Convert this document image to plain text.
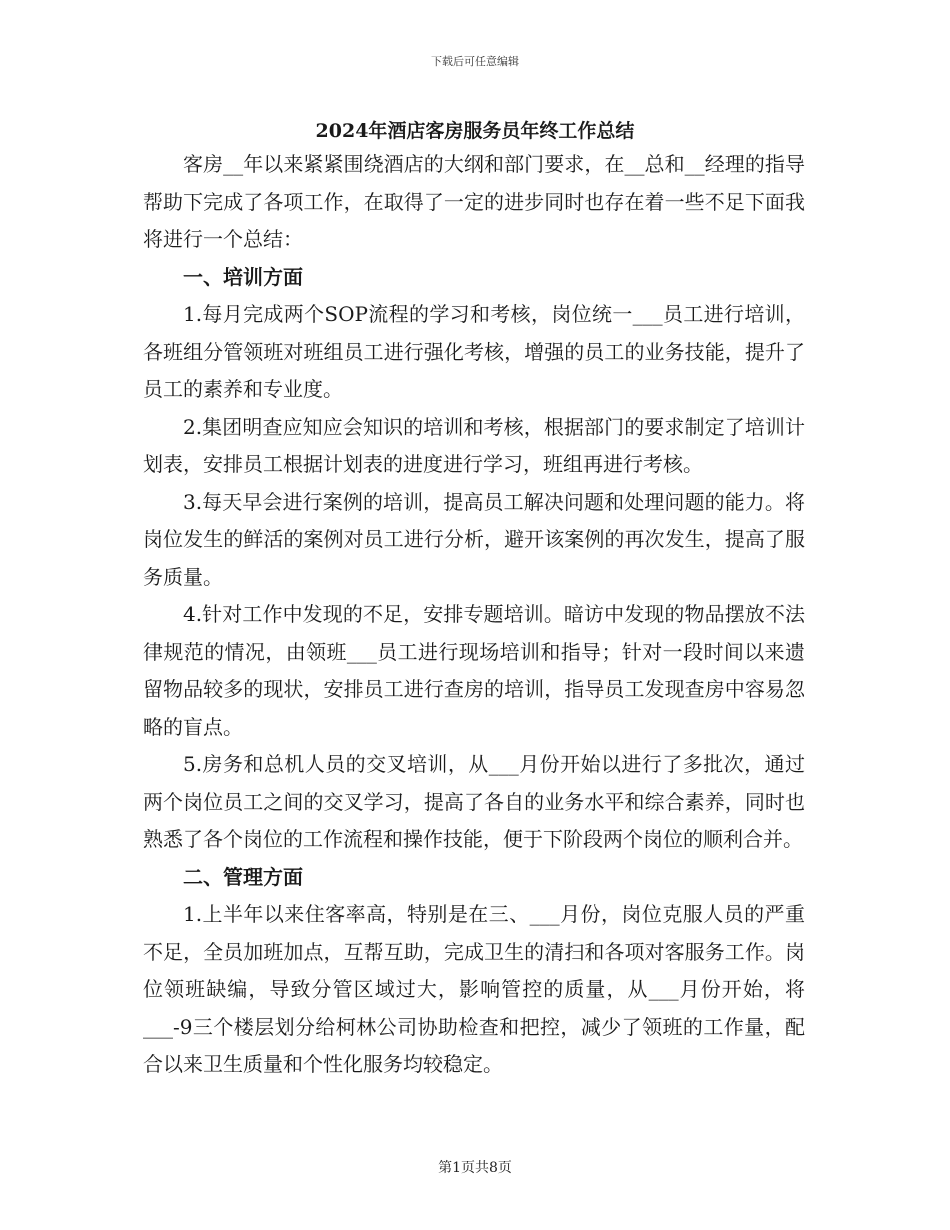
下载后可任意编辑
2024年酒店客房服务员年终工作总结

客房__年以来紧紧围绕酒店的大纲和部门要求，在__总和__经理的指导帮助下完成了各项工作，在取得了一定的进步同时也存在着一些不足下面我将进行一个总结：

一、培训方面

1.每月完成两个SOP流程的学习和考核，岗位统一___员工进行培训，各班组分管领班对班组员工进行强化考核，增强的员工的业务技能，提升了员工的素养和专业度。

2.集团明查应知应会知识的培训和考核，根据部门的要求制定了培训计划表，安排员工根据计划表的进度进行学习，班组再进行考核。

3.每天早会进行案例的培训，提高员工解决问题和处理问题的能力。将岗位发生的鲜活的案例对员工进行分析，避开该案例的再次发生，提高了服务质量。

4.针对工作中发现的不足，安排专题培训。暗访中发现的物品摆放不法律规范的情况，由领班___员工进行现场培训和指导；针对一段时间以来遗留物品较多的现状，安排员工进行查房的培训，指导员工发现查房中容易忽略的盲点。

5.房务和总机人员的交叉培训，从___月份开始以进行了多批次，通过两个岗位员工之间的交叉学习，提高了各自的业务水平和综合素养，同时也熟悉了各个岗位的工作流程和操作技能，便于下阶段两个岗位的顺利合并。

二、管理方面

1.上半年以来住客率高，特别是在三、___月份，岗位克服人员的严重不足，全员加班加点，互帮互助，完成卫生的清扫和各项对客服务工作。岗位领班缺编，导致分管区域过大，影响管控的质量，从___月份开始，将___-9三个楼层划分给柯林公司协助检查和把控，减少了领班的工作量，配合以来卫生质量和个性化服务均较稳定。

第1页共8页
